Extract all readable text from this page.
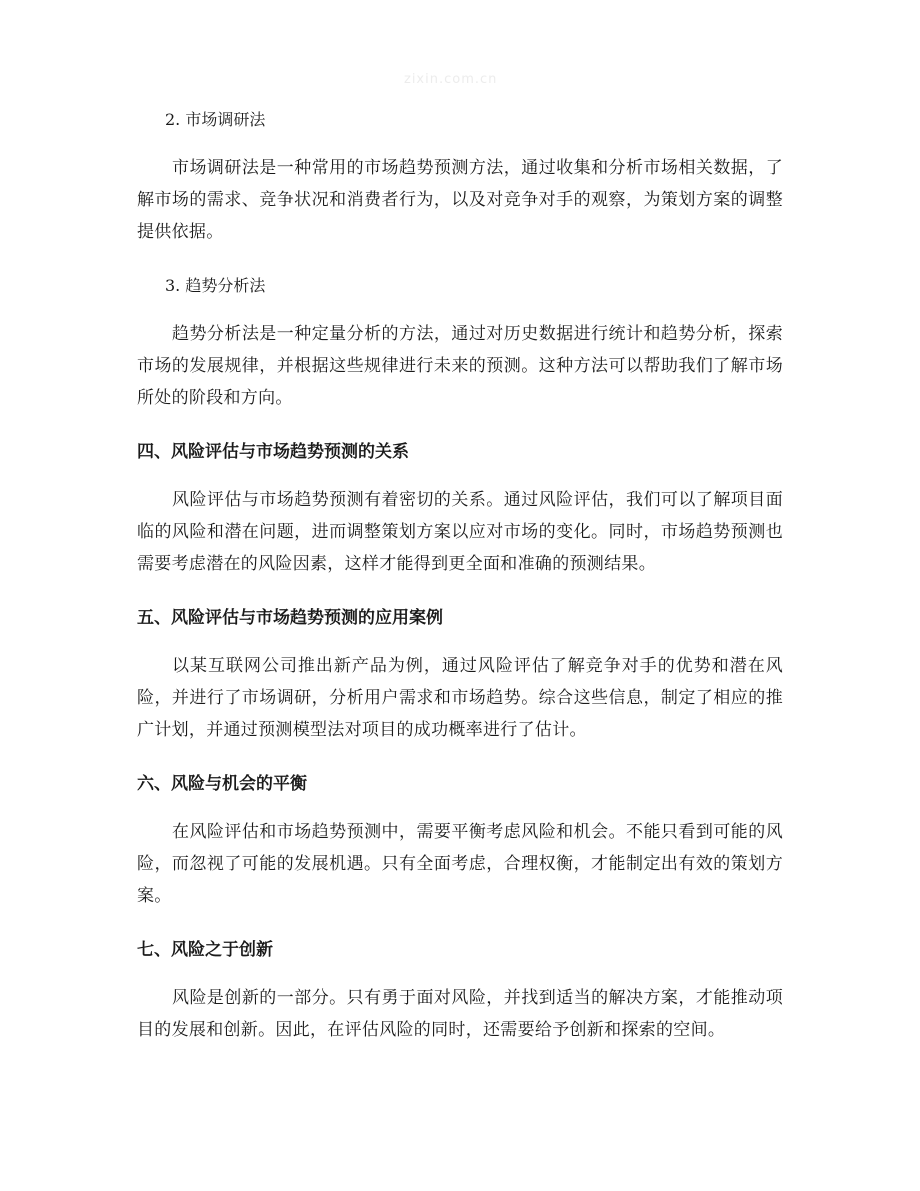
zixin.com.cn
2. 市场调研法

市场调研法是一种常用的市场趋势预测方法，通过收集和分析市场相关数据，了解市场的需求、竞争状况和消费者行为，以及对竞争对手的观察，为策划方案的调整提供依据。

3. 趋势分析法

趋势分析法是一种定量分析的方法，通过对历史数据进行统计和趋势分析，探索市场的发展规律，并根据这些规律进行未来的预测。这种方法可以帮助我们了解市场所处的阶段和方向。

四、风险评估与市场趋势预测的关系

风险评估与市场趋势预测有着密切的关系。通过风险评估，我们可以了解项目面临的风险和潜在问题，进而调整策划方案以应对市场的变化。同时，市场趋势预测也需要考虑潜在的风险因素，这样才能得到更全面和准确的预测结果。

五、风险评估与市场趋势预测的应用案例

以某互联网公司推出新产品为例，通过风险评估了解竞争对手的优势和潜在风险，并进行了市场调研，分析用户需求和市场趋势。综合这些信息，制定了相应的推广计划，并通过预测模型法对项目的成功概率进行了估计。

六、风险与机会的平衡

在风险评估和市场趋势预测中，需要平衡考虑风险和机会。不能只看到可能的风险，而忽视了可能的发展机遇。只有全面考虑，合理权衡，才能制定出有效的策划方案。

七、风险之于创新

风险是创新的一部分。只有勇于面对风险，并找到适当的解决方案，才能推动项目的发展和创新。因此，在评估风险的同时，还需要给予创新和探索的空间。
